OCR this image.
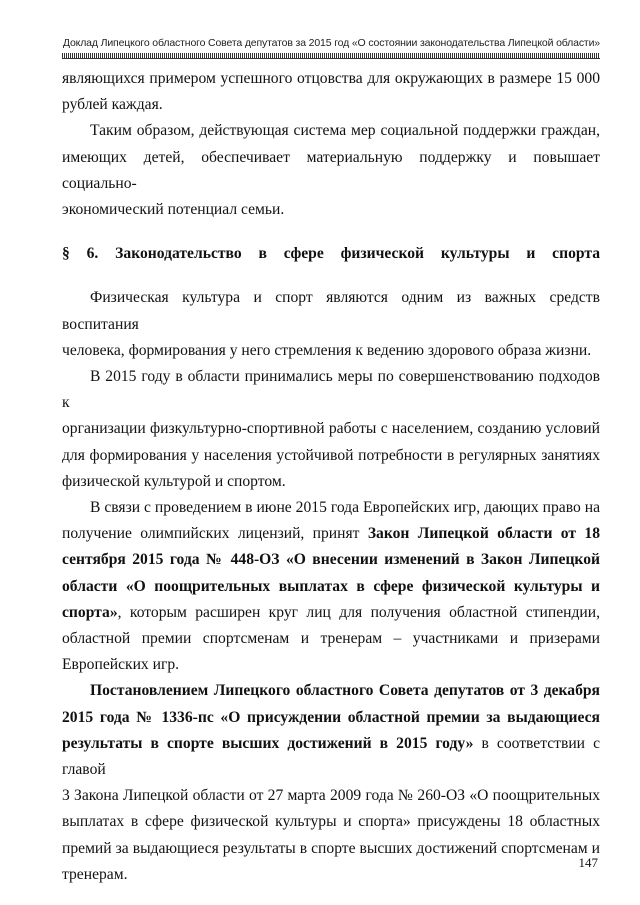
Доклад Липецкого областного Совета депутатов за 2015 год «О состоянии законодательства Липецкой области»

являющихся примером успешного отцовства для окружающих в размере 15 000

рублей каждая.

Таким образом, действующая система мер социальной поддержки граждан,

имеющих детей, обеспечивает материальную поддержку и повышает социально-

экономический потенциал семьи.

§ 6. Законодательство в сфере физической культуры и спорта

Физическая культура и спорт являются одним из важных средств воспитания

человека, формирования у него стремления к ведению здорового образа жизни.

В 2015 году в области принимались меры по совершенствованию подходов к

организации физкультурно-спортивной работы с населением, созданию условий

для формирования у населения устойчивой потребности в регулярных занятиях

физической культурой и спортом.

В связи с проведением в июне 2015 года Европейских игр, дающих право на

получение олимпийских лицензий, принят Закон Липецкой области от 18

сентября 2015 года № 448-ОЗ «О внесении изменений в Закон Липецкой

области «О поощрительных выплатах в сфере физической культуры и

спорта», которым расширен круг лиц для получения областной стипендии,

областной премии спортсменам и тренерам – участниками и призерами

Европейских игр.

Постановлением Липецкого областного Совета депутатов от 3 декабря

2015 года № 1336-пс «О присуждении областной премии за выдающиеся

результаты в спорте высших достижений в 2015 году» в соответствии с главой

3 Закона Липецкой области от 27 марта 2009 года № 260-ОЗ «О поощрительных

выплатах в сфере физической культуры и спорта» присуждены 18 областных

премий за выдающиеся результаты в спорте высших достижений спортсменам и

тренерам.

147
